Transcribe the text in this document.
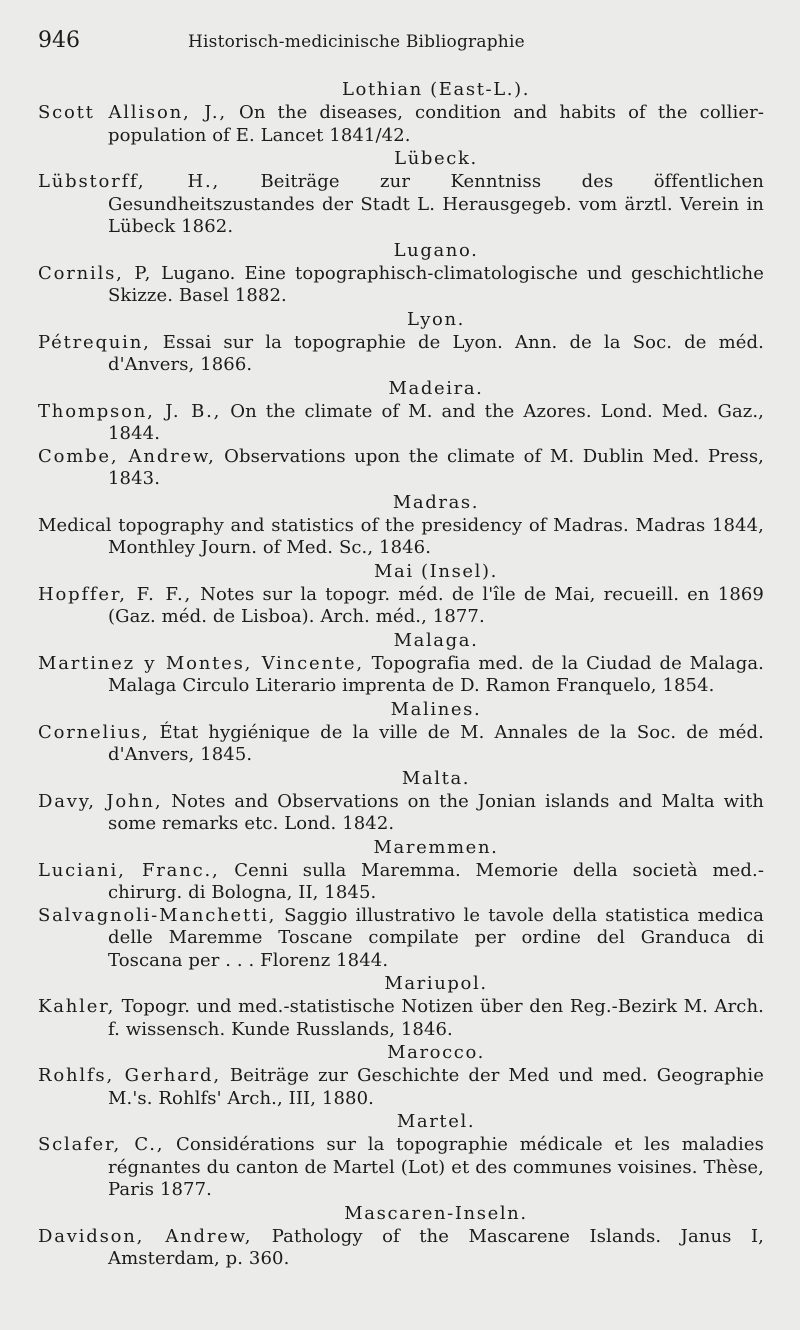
946	Historisch-medicinische Bibliographie
Lothian (East-L.).

Scott Allison, J., On the diseases, condition and habits of the collier-population of E. Lancet 1841/42.

Lübeck.

Lübstorff, H., Beiträge zur Kenntniss des öffentlichen Gesundheitszustandes der Stadt L. Herausgegeb. vom ärztl. Verein in Lübeck 1862.

Lugano.

Cornils, P, Lugano. Eine topographisch-climatologische und geschichtliche Skizze. Basel 1882.

Lyon.

Pétrequin, Essai sur la topographie de Lyon. Ann. de la Soc. de méd. d'Anvers, 1866.

Madeira.

Thompson, J. B., On the climate of M. and the Azores. Lond. Med. Gaz., 1844.

Combe, Andrew, Observations upon the climate of M. Dublin Med. Press, 1843.

Madras.

Medical topography and statistics of the presidency of Madras. Madras 1844, Monthley Journ. of Med. Sc., 1846.

Mai (Insel).

Hopffer, F. F., Notes sur la topogr. méd. de l'île de Mai, recueill. en 1869 (Gaz. méd. de Lisboa). Arch. méd., 1877.

Malaga.

Martinez y Montes, Vincente, Topografia med. de la Ciudad de Malaga. Malaga Circulo Literario imprenta de D. Ramon Franquelo, 1854.

Malines.

Cornelius, État hygiénique de la ville de M. Annales de la Soc. de méd. d'Anvers, 1845.

Malta.

Davy, John, Notes and Observations on the Jonian islands and Malta with some remarks etc. Lond. 1842.

Maremmen.

Luciani, Franc., Cenni sulla Maremma. Memorie della società med.-chirurg. di Bologna, II, 1845.

Salvagnoli-Manchetti, Saggio illustrativo le tavole della statistica medica delle Maremme Toscane compilate per ordine del Granduca di Toscana per . . . Florenz 1844.

Mariupol.

Kahler, Topogr. und med.-statistische Notizen über den Reg.-Bezirk M. Arch. f. wissensch. Kunde Russlands, 1846.

Marocco.

Rohlfs, Gerhard, Beiträge zur Geschichte der Med und med. Geographie M.'s. Rohlfs' Arch., III, 1880.

Martel.

Sclafer, C., Considérations sur la topographie médicale et les maladies régnantes du canton de Martel (Lot) et des communes voisines. Thèse, Paris 1877.

Mascaren-Inseln.

Davidson, Andrew, Pathology of the Mascarene Islands. Janus I, Amsterdam, p. 360.
